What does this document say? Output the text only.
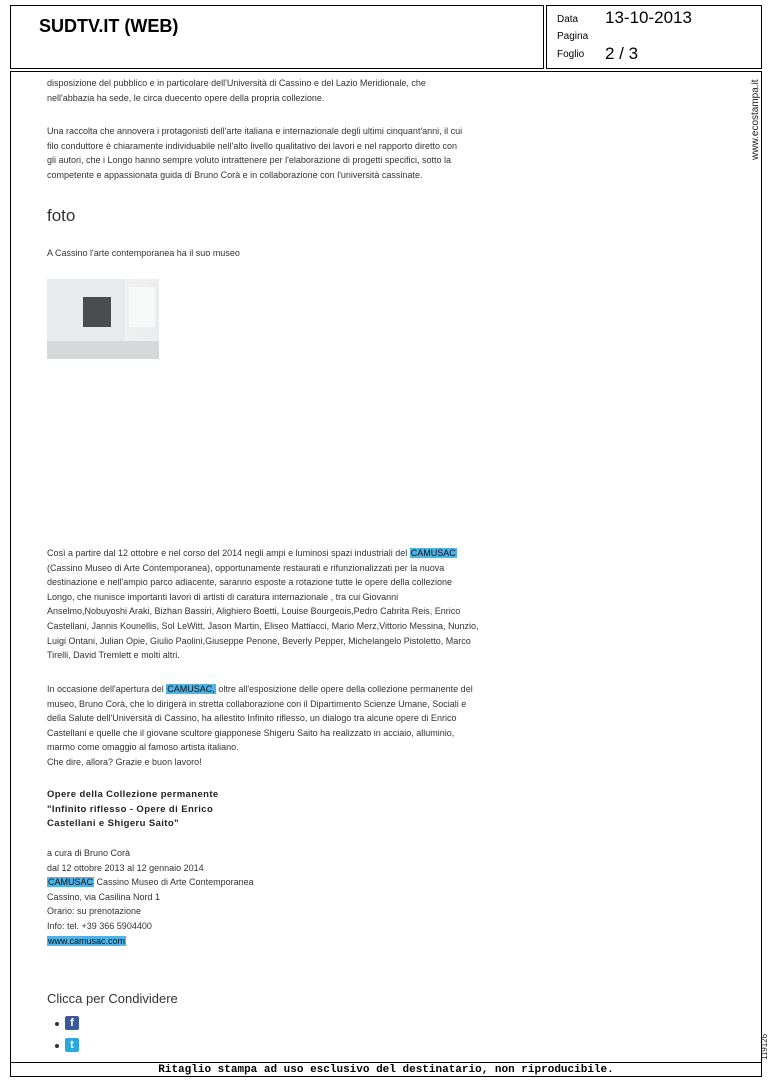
SUDTV.IT (WEB)	Data 13-10-2013
Pagina
Foglio 2 / 3
www.ecostampa.it
119126
disposizione del pubblico e in particolare dell'Università di Cassino e del Lazio Meridionale, che
nell'abbazia ha sede, le circa duecento opere della propria collezione.
Una raccolta che annovera i protagonisti dell'arte italiana e internazionale degli ultimi cinquant'anni, il cui
filo conduttore è chiaramente individuabile nell'alto livello qualitativo dei lavori e nel rapporto diretto con
gli autori, che i Longo hanno sempre voluto intrattenere per l'elaborazione di progetti specifici, sotto la
competente e appassionata guida di Bruno Corà e in collaborazione con l'università cassinate.
foto
A Cassino l'arte contemporanea ha il suo museo
Così a partire dal 12 ottobre e nel corso del 2014 negli ampi e luminosi spazi industriali del CAMUSAC
(Cassino Museo di Arte Contemporanea), opportunamente restaurati e rifunzionalizzati per la nuova
destinazione e nell'ampio parco adiacente, saranno esposte a rotazione tutte le opere della collezione
Longo, che riunisce importanti lavori di artisti di caratura internazionale , tra cui Giovanni
Anselmo,Nobuyoshi Araki, Bizhan Bassiri, Alighiero Boetti, Louise Bourgeois,Pedro Cabrita Reis, Enrico
Castellani, Jannis Kounellis, Sol LeWitt, Jason Martin, Eliseo Mattiacci, Mario Merz,Vittorio Messina, Nunzio,
Luigi Ontani, Julian Opie, Giulio Paolini,Giuseppe Penone, Beverly Pepper, Michelangelo Pistoletto, Marco
Tirelli, David Tremlett e molti altri.
In occasione dell'apertura del CAMUSAC, oltre all'esposizione delle opere della collezione permanente del
museo, Bruno Corà, che lo dirigerà in stretta collaborazione con il Dipartimento Scienze Umane, Sociali e
della Salute dell'Università di Cassino, ha allestito Infinito riflesso, un dialogo tra alcune opere di Enrico
Castellani e quelle che il giovane scultore giapponese Shigeru Saito ha realizzato in acciaio, alluminio,
marmo come omaggio al famoso artista italiano.
Che dire, allora? Grazie e buon lavoro!
Opere della Collezione permanente
"Infinito riflesso - Opere di Enrico
Castellani e Shigeru Saito"
a cura di Bruno Corà
dal 12 ottobre 2013 al 12 gennaio 2014
CAMUSAC Cassino Museo di Arte Contemporanea
Cassino, via Casilina Nord 1
Orario: su prenotazione
Info: tel. +39 366 5904400
www.camusac.com
Clicca per Condividere
f
t
Ritaglio stampa ad uso esclusivo del destinatario, non riproducibile.
